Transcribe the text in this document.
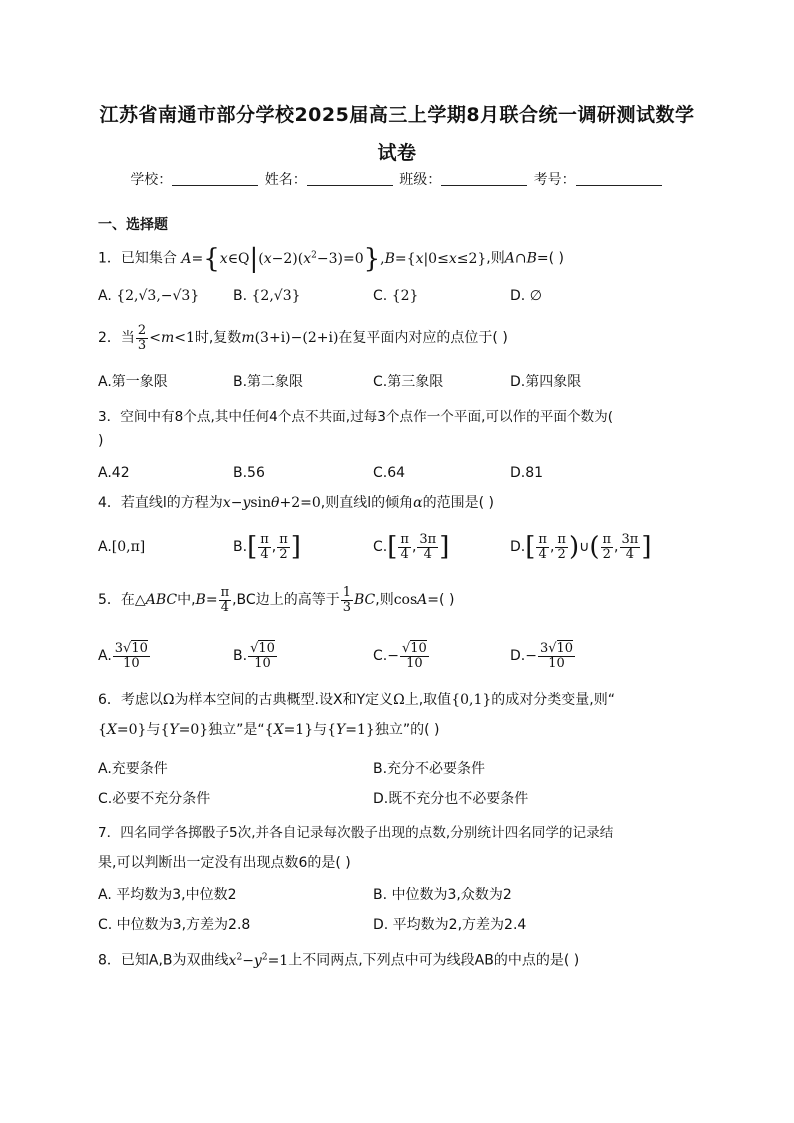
江苏省南通市部分学校2025届高三上学期8月联合统一调研测试数学
试卷
学校：	姓名：	班级：	考号：
一、选择题
1．已知集合 $A=\{x\in Q|(x-2)(x^2-3)=0\},B=\{x|0\le x\le 2\}$,则A∩B=( )
A. {2,√3,−√3} B. {2,√3}	C. {2}	D. ∅
2．当 $\frac{2}{3} <m<1$时,复数m(3+i)−(2+i)在复平面内对应的点位于( )
A.第一象限	B.第二象限	C.第三象限	D.第四象限
3．空间中有8个点,其中任何4个点不共面,过每3个点作一个平面,可以作的平面个数为(
)
A.42	B.56	C.64	D.81
4．若直线l的方程为x−ysinθ+2=0,则直线l的倾角α的范围是( )
A.[0,π]	$B.[ \frac{\pi}{4}$ , $\frac{\pi}{2}$ ]	$C.[ \frac{\pi}{4}$ , $\frac{3\pi}{4}$ ]	$D.[ \frac{\pi}{4}$ , $\frac{\pi}{2}$ )∪( $\frac{\pi}{2}$ , $\frac{3\pi}{4}$ ]
5．在△ABC中$,B= \frac{\pi}{4} ,BC$边上的高等于 $\frac{1}{3}$ BC,则cosA=( )
A. $\frac{3√10}{10}$	B. $\frac{√10}{10}$	$C.- \frac{√10}{10}$	$D.- \frac{3√10}{10}$
6．考虑以Ω为样本空间的古典概型.设X和Y定义Ω上,取值{0,1}的成对分类变量,则“
{X=0}与{Y=0}独立”是“{X=1}与{Y=1}独立”的( )
A.充要条件	B.充分不必要条件
C.必要不充分条件	D.既不充分也不必要条件
7．四名同学各掷骰子5次,并各自记录每次骰子出现的点数,分别统计四名同学的记录结
果,可以判断出一定没有出现点数6的是( )
A. 平均数为3,中位数2	B. 中位数为3,众数为2
C. 中位数为3,方差为2.8	D. 平均数为2,方差为2.4
8．已知A,B为双曲线$x^2-y^2=1$上不同两点,下列点中可为线段AB的中点的是( )
